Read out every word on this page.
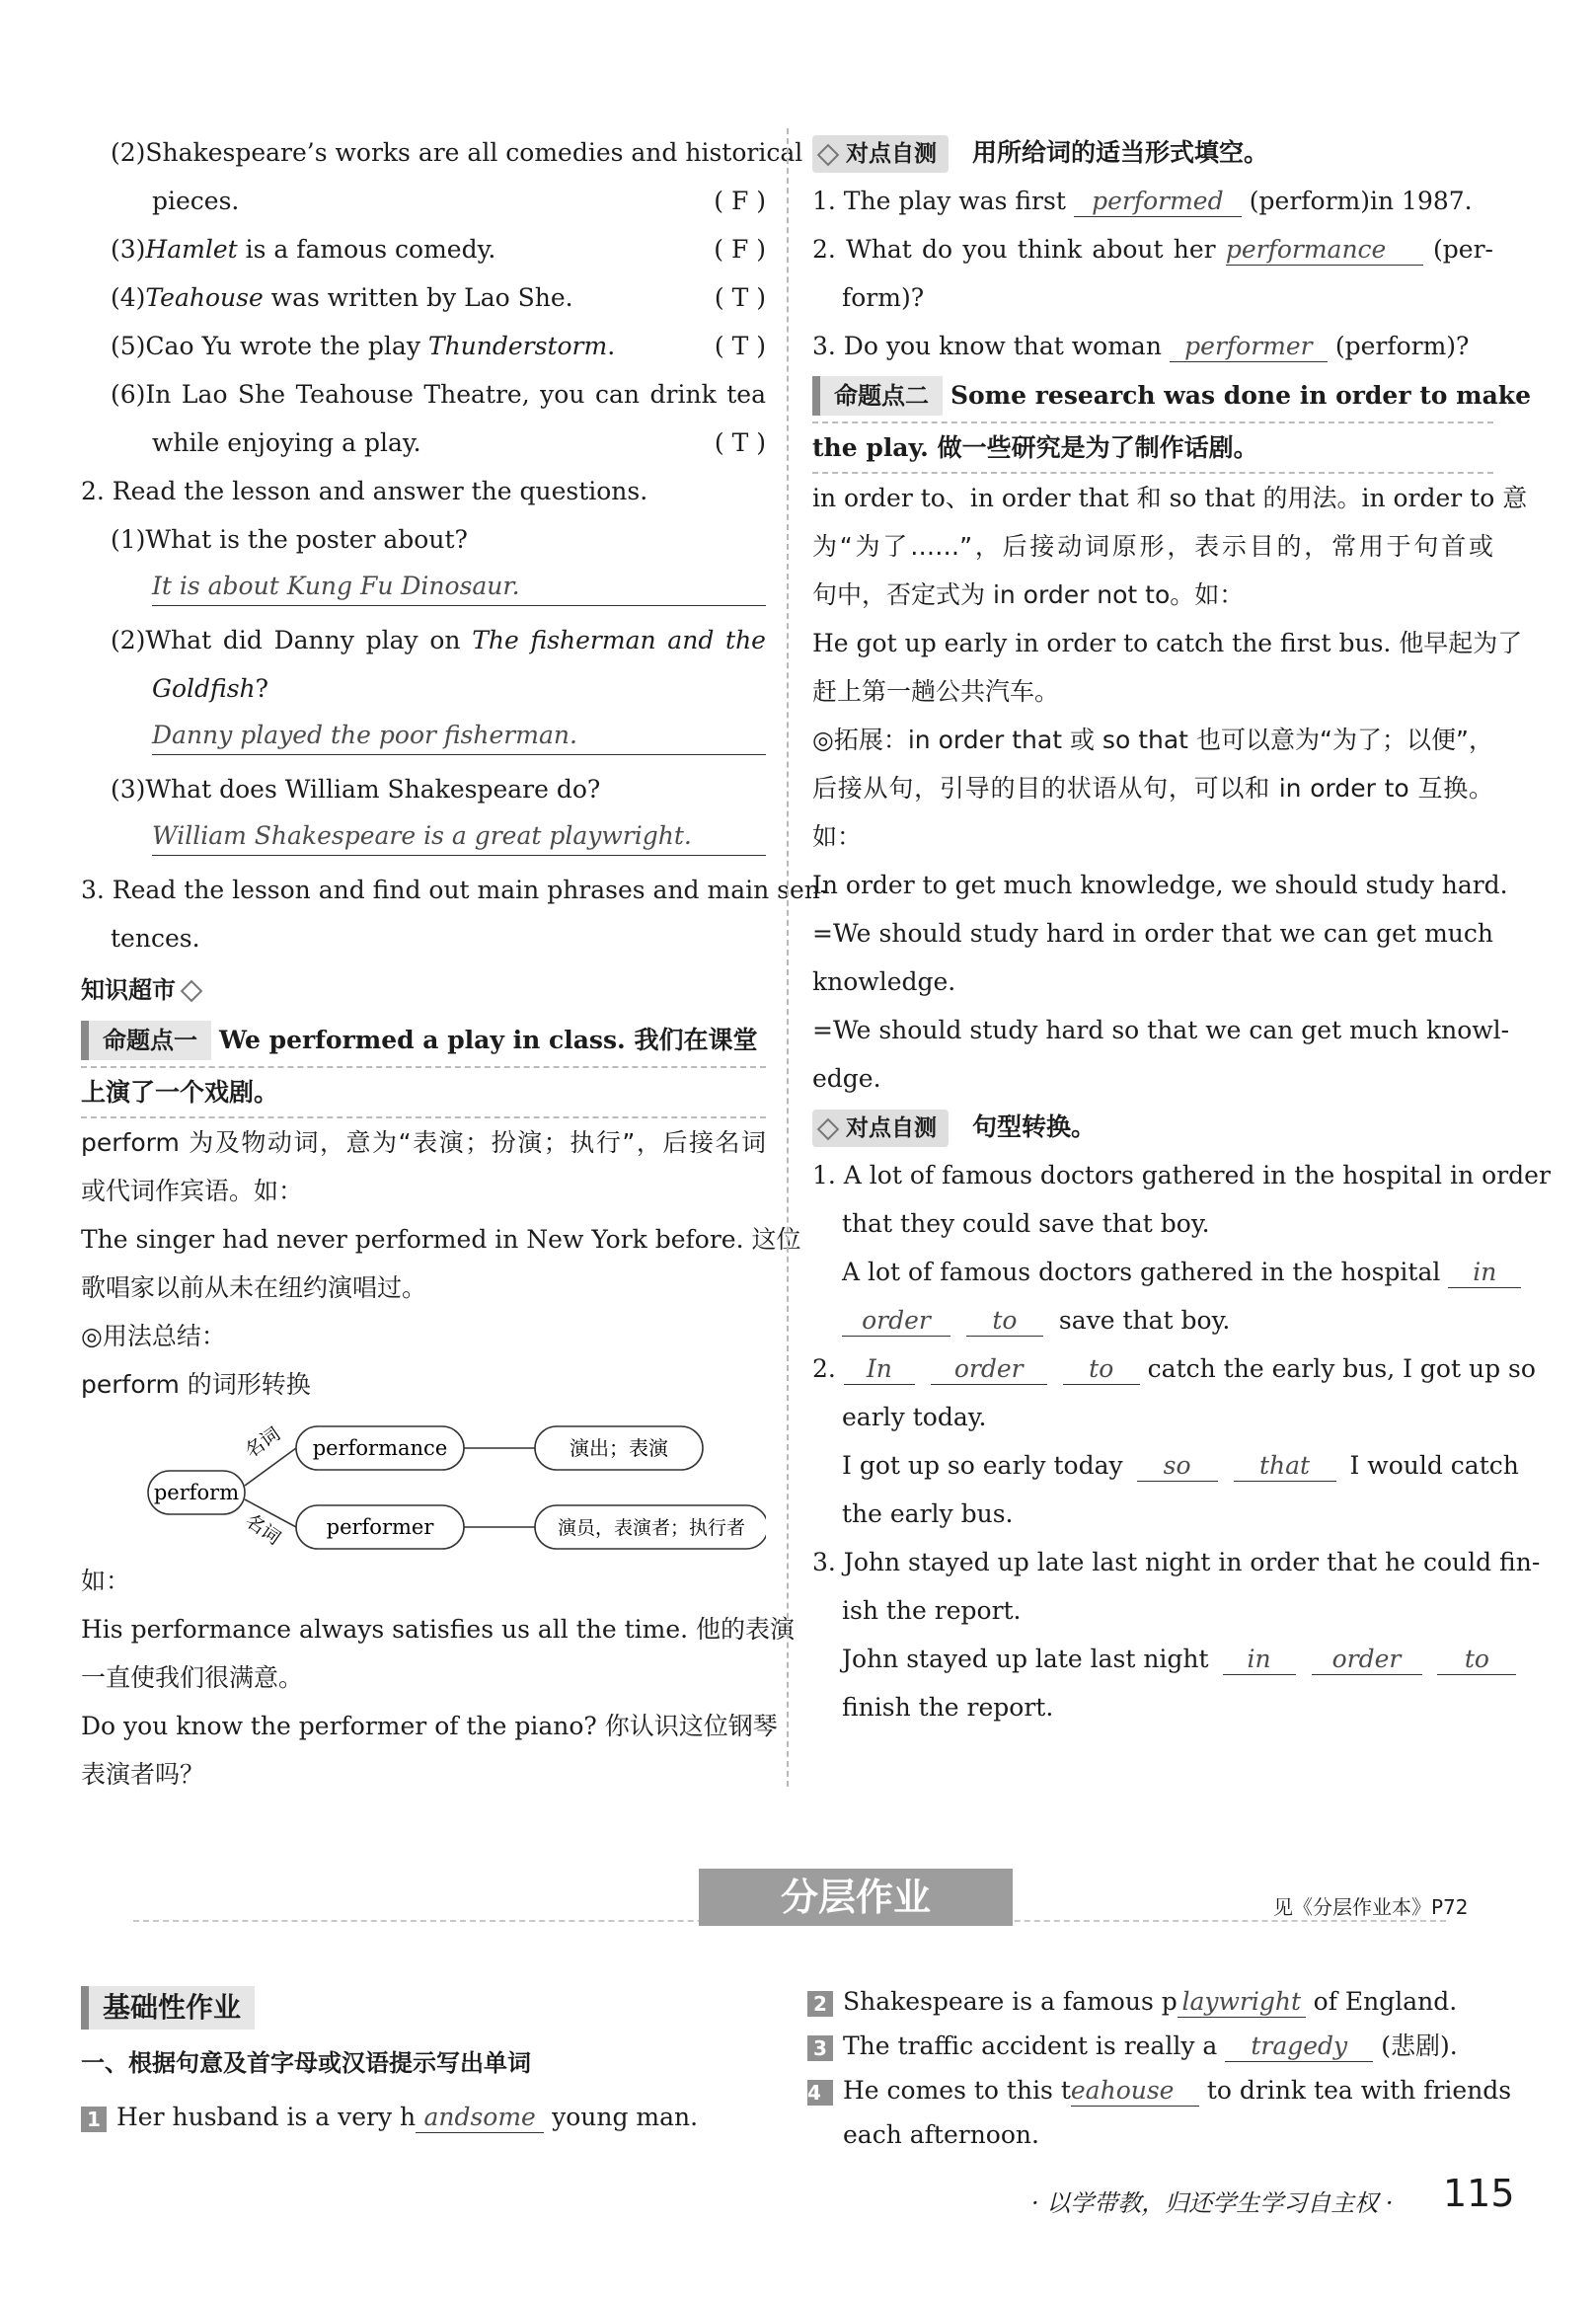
(2)Shakespeare’s works are all comedies and historical
pieces.	( F )
(3)Hamlet is a famous comedy.	( F )
(4)Teahouse was written by Lao She.	( T )
(5)Cao Yu wrote the play Thunderstorm.	( T )
(6)In Lao She Teahouse Theatre, you can drink tea
while enjoying a play.	( T )
2. Read the lesson and answer the questions.
(1)What is the poster about?
It is about Kung Fu Dinosaur.
(2)What did Danny play on The fisherman and the
Goldfish?
Danny played the poor fisherman.
(3)What does William Shakespeare do?
William Shakespeare is a great playwright.
3. Read the lesson and find out main phrases and main sen-
tences.
知识超市
命题点一 We performed a play in class. 我们在课堂
上演了一个戏剧。
perform 为及物动词，意为“表演；扮演；执行”，后接名词
或代词作宾语。如：
The singer had never performed in New York before. 这位
歌唱家以前从未在纽约演唱过。
◎用法总结：
perform 的词形转换
perform
名词
名词
performance
performer
演出；表演
演员，表演者；执行者
如：
His performance always satisfies us all the time. 他的表演
一直使我们很满意。
Do you know the performer of the piano? 你认识这位钢琴
表演者吗？
对点自测 用所给词的适当形式填空。
1. The play was first performed (perform)in 1987.
2. What do you think about her performance (per-
form)?
3. Do you know that woman performer (perform)?
命题点二 Some research was done in order to make
the play. 做一些研究是为了制作话剧。
in order to、in order that 和 so that 的用法。in order to 意
为“为了……”，后接动词原形，表示目的，常用于句首或
句中，否定式为 in order not to。如：
He got up early in order to catch the first bus. 他早起为了
赶上第一趟公共汽车。
◎拓展：in order that 或 so that 也可以意为“为了；以便”，
后接从句，引导的目的状语从句，可以和 in order to 互换。
如：
In order to get much knowledge, we should study hard.
=We should study hard in order that we can get much
knowledge.
=We should study hard so that we can get much knowl-
edge.
对点自测 句型转换。
1. A lot of famous doctors gathered in the hospital in order
that they could save that boy.
A lot of famous doctors gathered in the hospital in
order	to save that boy.
2. In	order	to catch the early bus, I got up so
early today.
I got up so early today so	that I would catch
the early bus.
3. John stayed up late last night in order that he could fin-
ish the report.
John stayed up late last night in order	to
finish the report.
分层作业	见《分层作业本》P72
基础性作业
一、根据句意及首字母或汉语提示写出单词
1 Her husband is a very h andsome young man.
2 Shakespeare is a famous p laywright of England.
3 The traffic accident is really a tragedy (悲剧).
4 He comes to this teahouse to drink tea with friends
each afternoon.
· 以学带教，归还学生学习自主权 · 115
